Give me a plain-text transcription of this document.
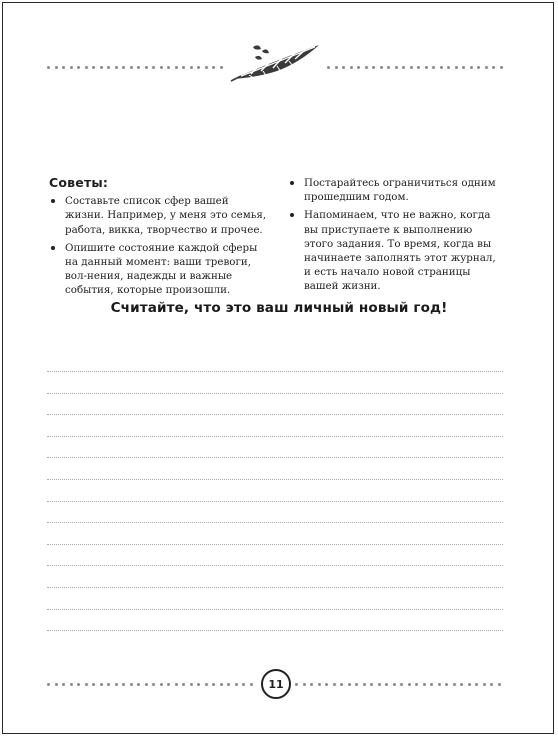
Советы:
Составьте список сфер вашей жизни. Например, у меня это семья, работа, викка, творчество и прочее.
Опишите состояние каждой сферы на данный момент: ваши тревоги, вол-нения, надежды и важные события, которые произошли.
Постарайтесь ограничиться одним прошедшим годом.
Напоминаем, что не важно, когда вы приступаете к выполнению этого задания. То время, когда вы начинаете заполнять этот журнал, и есть начало новой страницы вашей жизни.
Считайте, что это ваш личный новый год!
11
